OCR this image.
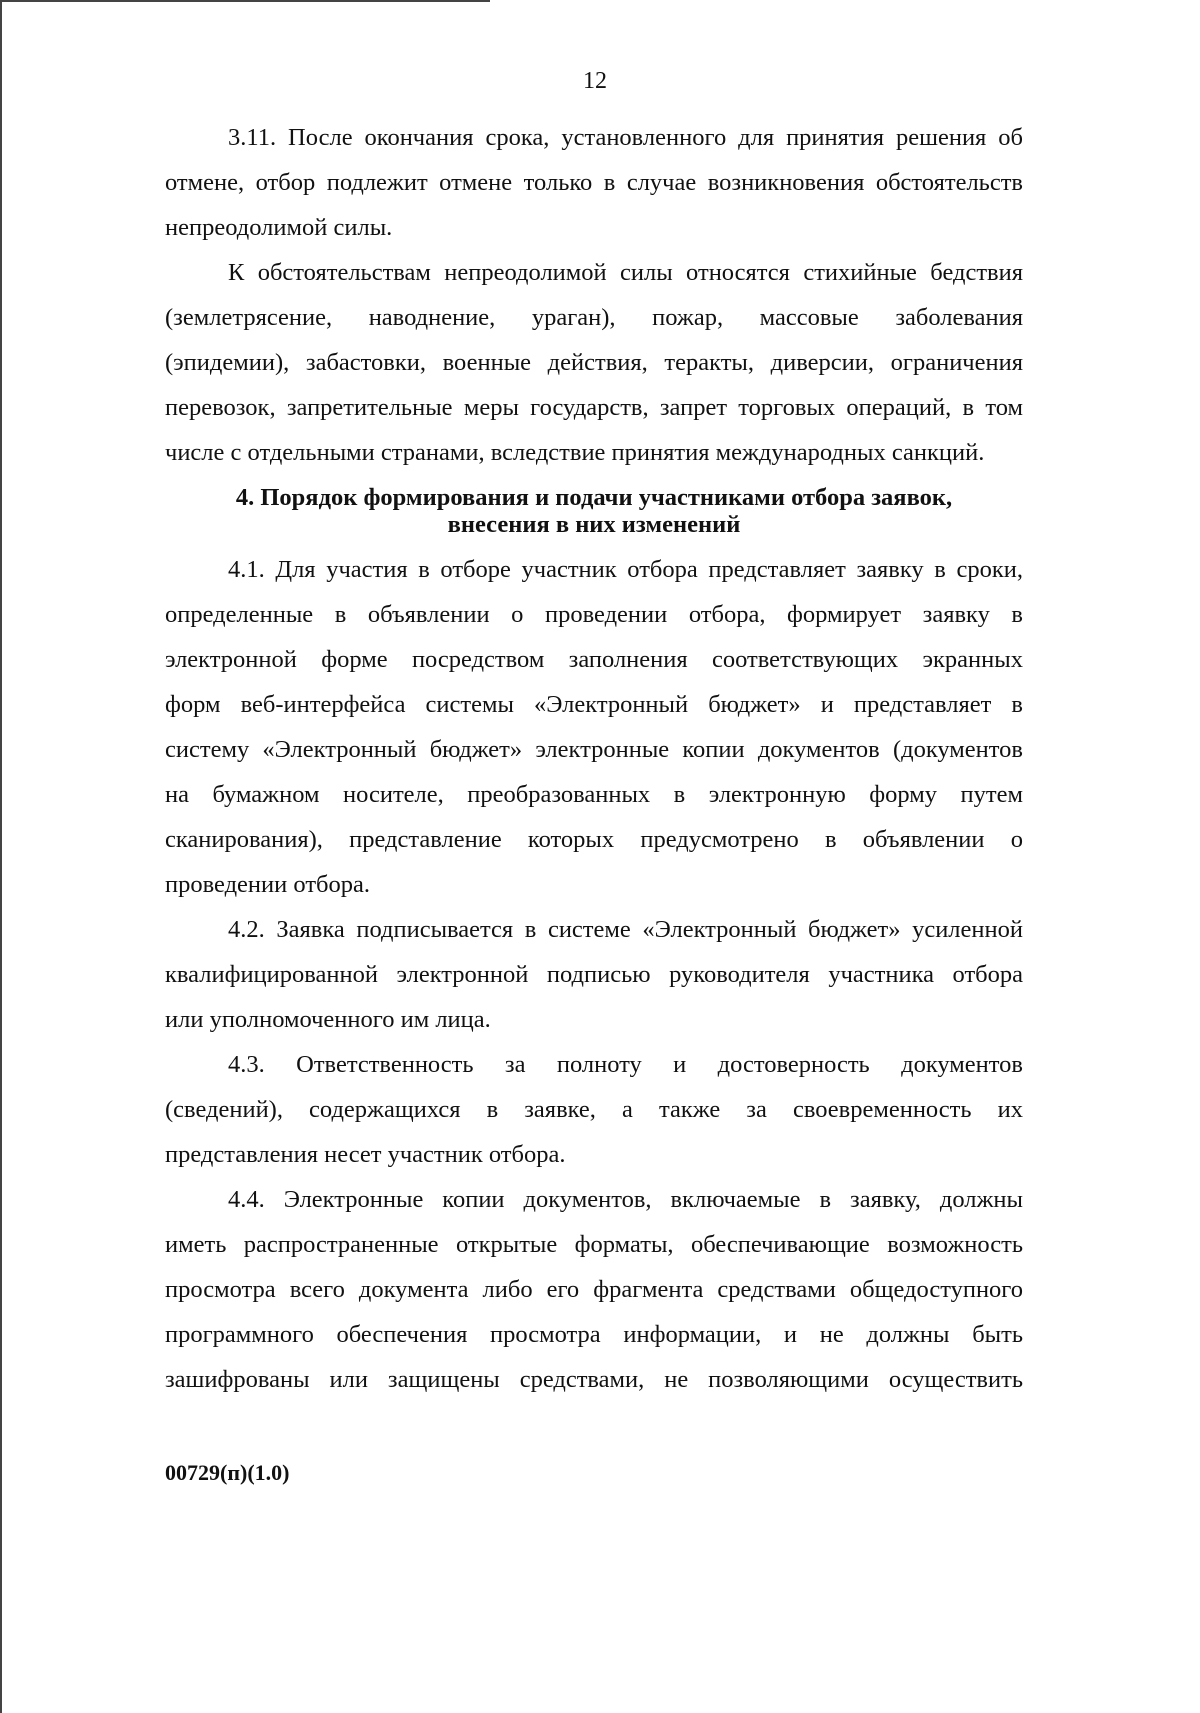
12
3.11. После окончания срока, установленного для принятия решения об
отмене, отбор подлежит отмене только в случае возникновения обстоятельств
непреодолимой силы.
К обстоятельствам непреодолимой силы относятся стихийные бедствия
(землетрясение, наводнение, ураган), пожар, массовые заболевания
(эпидемии), забастовки, военные действия, теракты, диверсии, ограничения
перевозок, запретительные меры государств, запрет торговых операций, в том
числе с отдельными странами, вследствие принятия международных санкций.
4. Порядок формирования и подачи участниками отбора заявок,
внесения в них изменений
4.1. Для участия в отборе участник отбора представляет заявку в сроки,
определенные в объявлении о проведении отбора, формирует заявку в
электронной форме посредством заполнения соответствующих экранных
форм веб-интерфейса системы «Электронный бюджет» и представляет в
систему «Электронный бюджет» электронные копии документов (документов
на бумажном носителе, преобразованных в электронную форму путем
сканирования), представление которых предусмотрено в объявлении о
проведении отбора.
4.2. Заявка подписывается в системе «Электронный бюджет» усиленной
квалифицированной электронной подписью руководителя участника отбора
или уполномоченного им лица.
4.3. Ответственность за полноту и достоверность документов
(сведений), содержащихся в заявке, а также за своевременность их
представления несет участник отбора.
4.4. Электронные копии документов, включаемые в заявку, должны
иметь распространенные открытые форматы, обеспечивающие возможность
просмотра всего документа либо его фрагмента средствами общедоступного
программного обеспечения просмотра информации, и не должны быть
зашифрованы или защищены средствами, не позволяющими осуществить
00729(п)(1.0)
